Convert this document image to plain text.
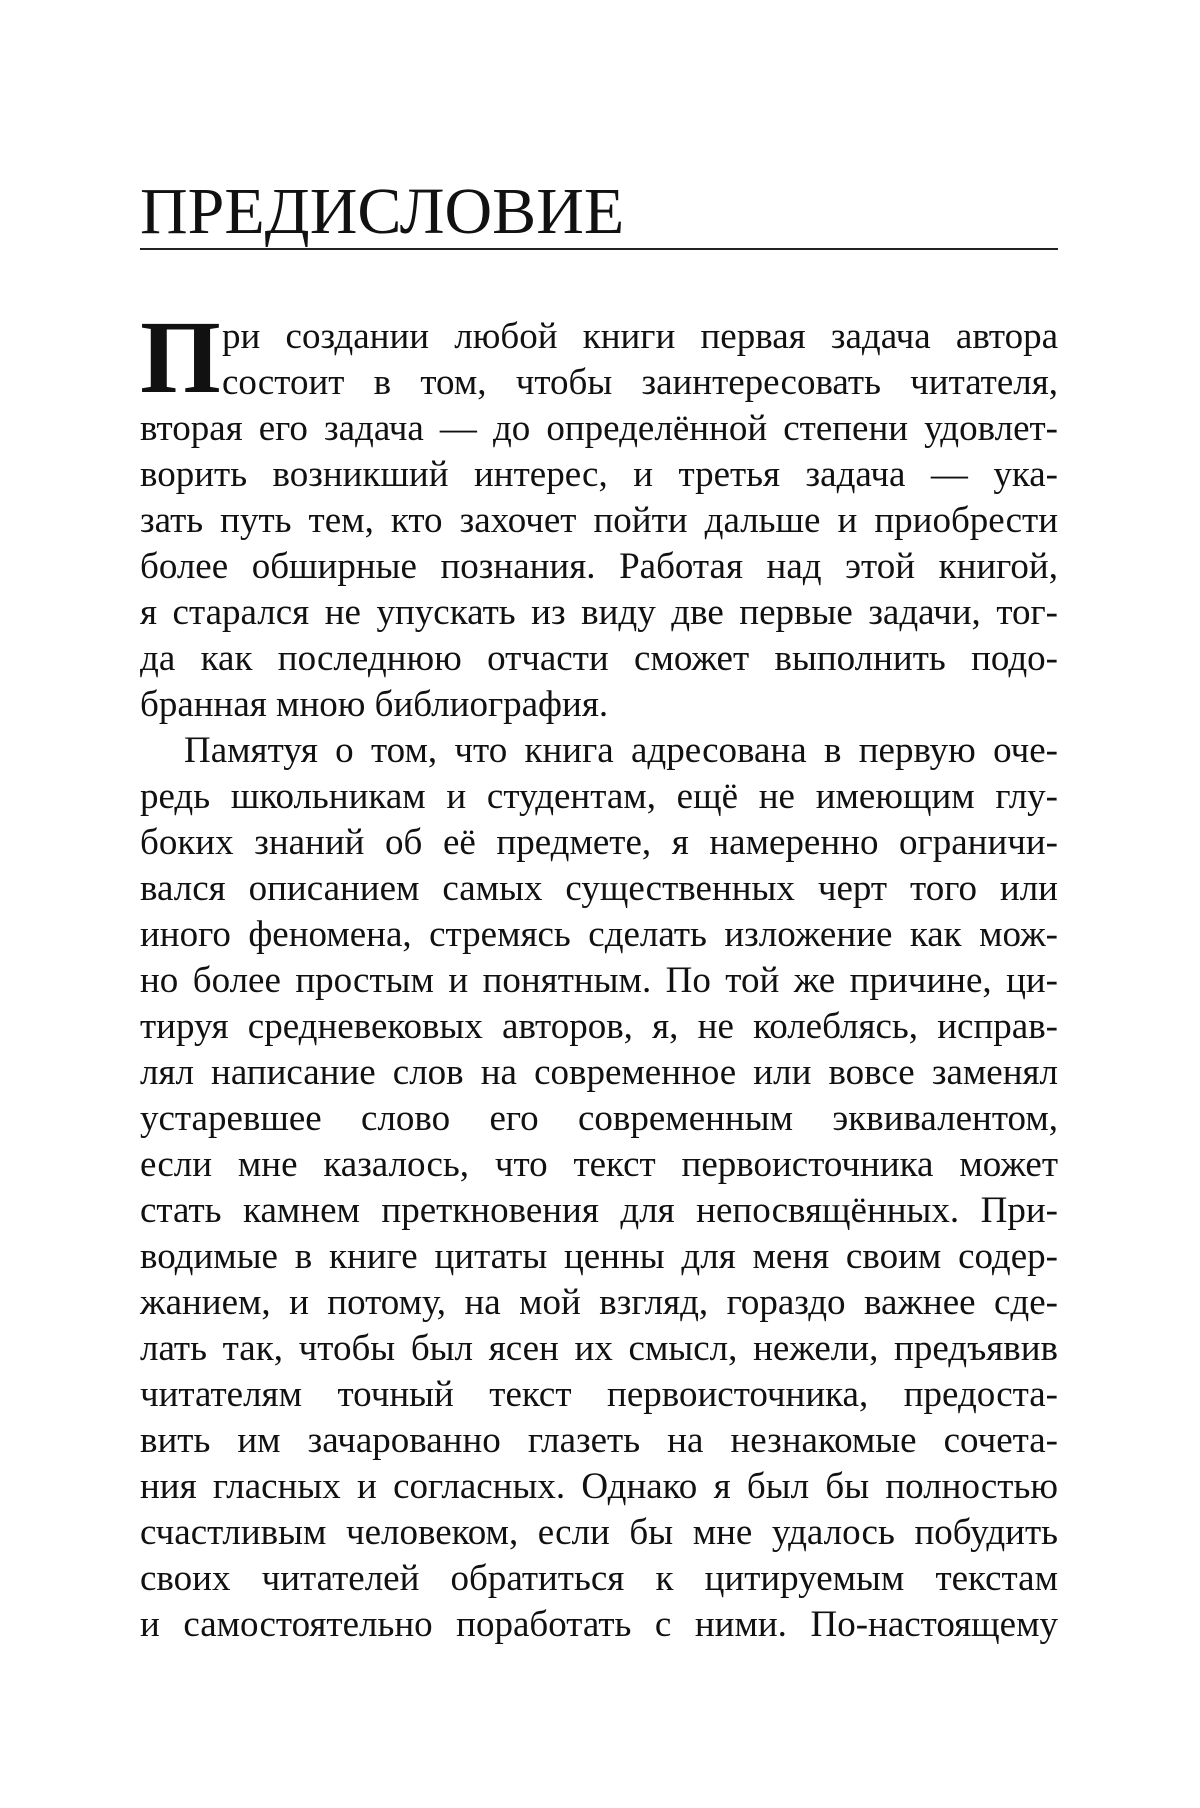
ПРЕДИСЛОВИЕ
П ри создании любой книги первая задача автора
состоит в том, чтобы заинтересовать читателя,
вторая его задача — до определённой степени удовлет-
ворить возникший интерес, и третья задача — ука-
зать путь тем, кто захочет пойти дальше и приобрести
более обширные познания. Работая над этой книгой,
я старался не упускать из виду две первые задачи, тог-
да как последнюю отчасти сможет выполнить подо-
бранная мною библиография.
Памятуя о том, что книга адресована в первую оче-
редь школьникам и студентам, ещё не имеющим глу-
боких знаний об её предмете, я намеренно ограничи-
вался описанием самых существенных черт того или
иного феномена, стремясь сделать изложение как мож-
но более простым и понятным. По той же причине, ци-
тируя средневековых авторов, я, не колеблясь, исправ-
лял написание слов на современное или вовсе заменял
устаревшее слово его современным эквивалентом,
если мне казалось, что текст первоисточника может
стать камнем преткновения для непосвящённых. При-
водимые в книге цитаты ценны для меня своим содер-
жанием, и потому, на мой взгляд, гораздо важнее сде-
лать так, чтобы был ясен их смысл, нежели, предъявив
читателям точный текст первоисточника, предоста-
вить им зачарованно глазеть на незнакомые сочета-
ния гласных и согласных. Однако я был бы полностью
счастливым человеком, если бы мне удалось побудить
своих читателей обратиться к цитируемым текстам
и самостоятельно поработать с ними. По-настоящему
